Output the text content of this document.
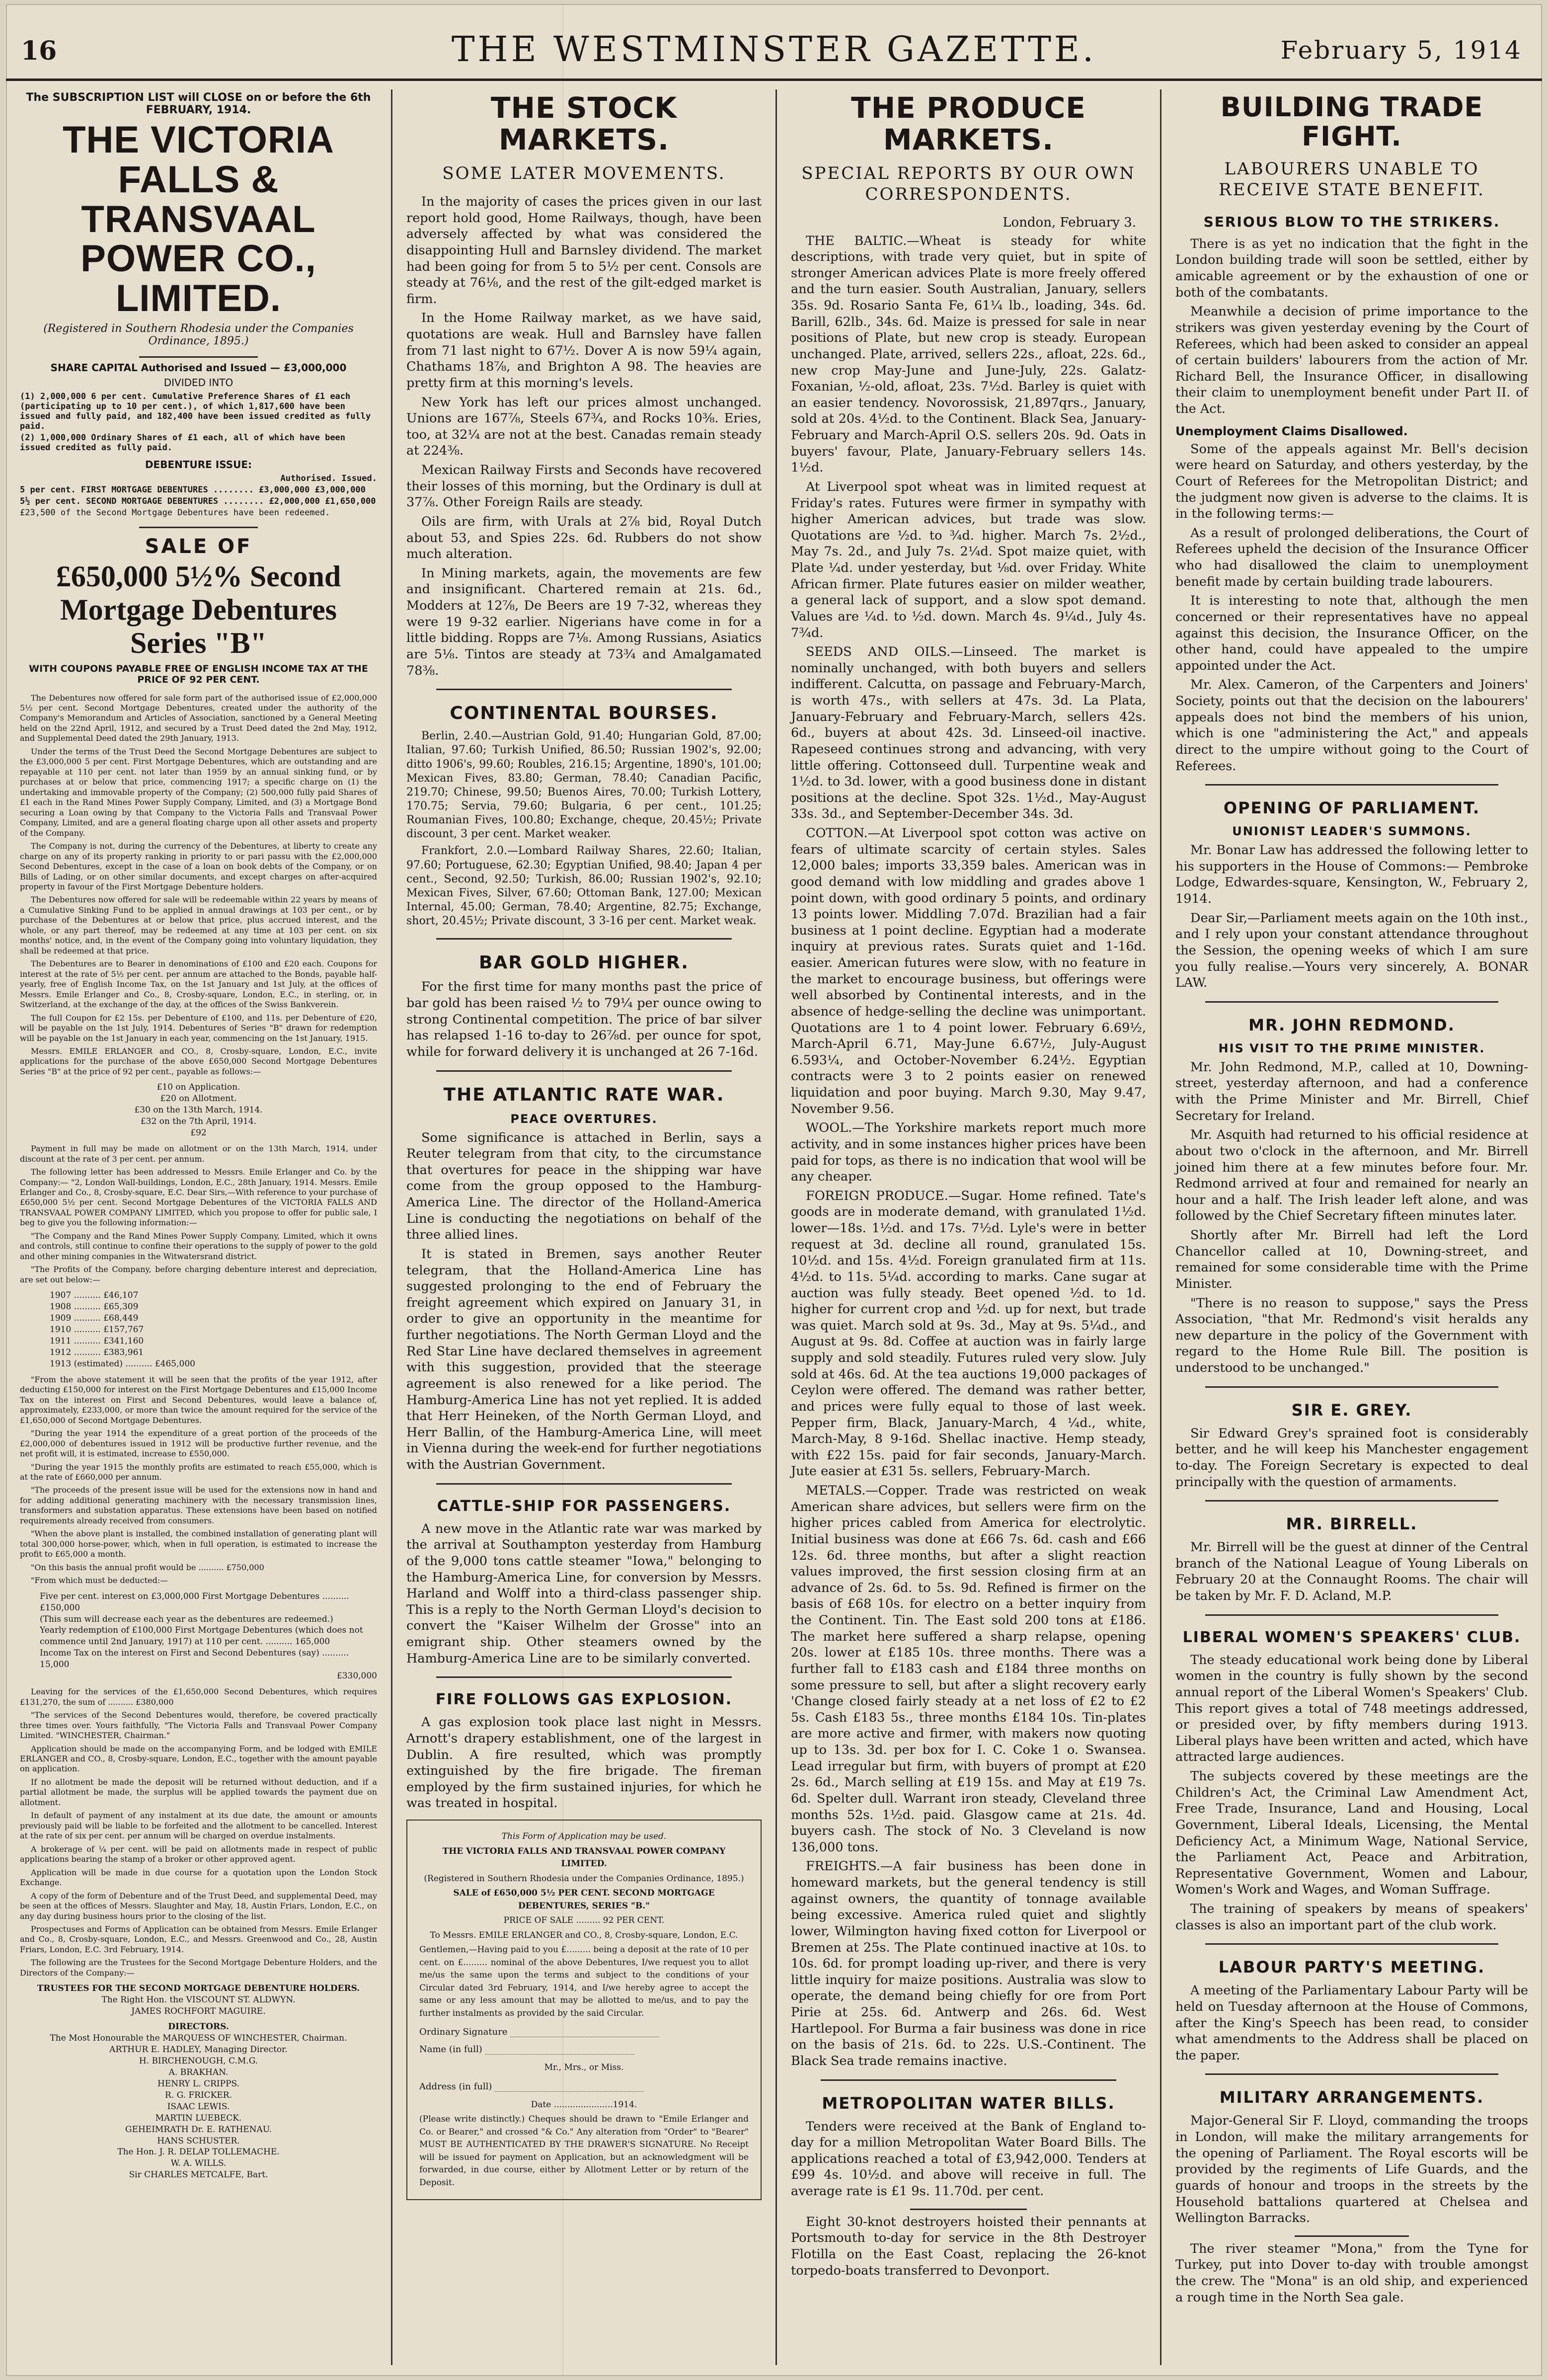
16	THE WESTMINSTER GAZETTE.	February 5, 1914
The SUBSCRIPTION LIST will CLOSE on or before the 6th FEBRUARY, 1914.
THE VICTORIA FALLS & TRANSVAAL POWER CO., LIMITED.
(Registered in Southern Rhodesia under the Companies Ordinance, 1895.)
SHARE CAPITAL Authorised and Issued — £3,000,000
DIVIDED INTO
(1) 2,000,000 6 per cent. Cumulative Preference Shares of £1 each (participating up to 10 per cent.), of which 1,817,600 have been issued and fully paid, and 182,400 have been issued credited as fully paid.
(2) 1,000,000 Ordinary Shares of £1 each, all of which have been issued credited as fully paid.
DEBENTURE ISSUE:
Authorised. Issued.
5 per cent. FIRST MORTGAGE DEBENTURES ........ £3,000,000 £3,000,000
5½ per cent. SECOND MORTGAGE DEBENTURES ........ £2,000,000 £1,650,000
£23,500 of the Second Mortgage Debentures have been redeemed.
SALE OF
£650,000 5½% Second Mortgage Debentures Series "B"
WITH COUPONS PAYABLE FREE OF ENGLISH INCOME TAX AT THE PRICE OF 92 PER CENT.

The Debentures now offered for sale form part of the authorised issue of £2,000,000 5½ per cent. Second Mortgage Debentures, created under the authority of the Company's Memorandum and Articles of Association, sanctioned by a General Meeting held on the 22nd April, 1912, and secured by a Trust Deed dated the 2nd May, 1912, and Supplemental Deed dated the 29th January, 1913.

Under the terms of the Trust Deed the Second Mortgage Debentures are subject to the £3,000,000 5 per cent. First Mortgage Debentures, which are outstanding and are repayable at 110 per cent. not later than 1959 by an annual sinking fund, or by purchases at or below that price, commencing 1917; a specific charge on (1) the undertaking and immovable property of the Company; (2) 500,000 fully paid Shares of £1 each in the Rand Mines Power Supply Company, Limited, and (3) a Mortgage Bond securing a Loan owing by that Company to the Victoria Falls and Transvaal Power Company, Limited, and are a general floating charge upon all other assets and property of the Company.

The Company is not, during the currency of the Debentures, at liberty to create any charge on any of its property ranking in priority to or pari passu with the £2,000,000 Second Debentures, except in the case of a loan on book debts of the Company, or on Bills of Lading, or on other similar documents, and except charges on after-acquired property in favour of the First Mortgage Debenture holders.

The Debentures now offered for sale will be redeemable within 22 years by means of a Cumulative Sinking Fund to be applied in annual drawings at 103 per cent., or by purchase of the Debentures at or below that price, plus accrued interest, and the whole, or any part thereof, may be redeemed at any time at 103 per cent. on six months' notice, and, in the event of the Company going into voluntary liquidation, they shall be redeemed at that price.

The Debentures are to Bearer in denominations of £100 and £20 each. Coupons for interest at the rate of 5½ per cent. per annum are attached to the Bonds, payable half-yearly, free of English Income Tax, on the 1st January and 1st July, at the offices of Messrs. Emile Erlanger and Co., 8, Crosby-square, London, E.C., in sterling, or, in Switzerland, at the exchange of the day, at the offices of the Swiss Bankverein.

The full Coupon for £2 15s. per Debenture of £100, and 11s. per Debenture of £20, will be payable on the 1st July, 1914. Debentures of Series "B" drawn for redemption will be payable on the 1st January in each year, commencing on the 1st January, 1915.

Messrs. EMILE ERLANGER and CO., 8, Crosby-square, London, E.C., invite applications for the purchase of the above £650,000 Second Mortgage Debentures Series "B" at the price of 92 per cent., payable as follows:—

£10 on Application.
£20 on Allotment.
£30 on the 13th March, 1914.
£32 on the 7th April, 1914.
£92

Payment in full may be made on allotment or on the 13th March, 1914, under discount at the rate of 3 per cent. per annum.

The following letter has been addressed to Messrs. Emile Erlanger and Co. by the Company:— "2, London Wall-buildings, London, E.C., 28th January, 1914. Messrs. Emile Erlanger and Co., 8, Crosby-square, E.C. Dear Sirs,—With reference to your purchase of £650,000 5½ per cent. Second Mortgage Debentures of the VICTORIA FALLS AND TRANSVAAL POWER COMPANY LIMITED, which you propose to offer for public sale, I beg to give you the following information:—

"The Company and the Rand Mines Power Supply Company, Limited, which it owns and controls, still continue to confine their operations to the supply of power to the gold and other mining companies in the Witwatersrand district.

"The Profits of the Company, before charging debenture interest and depreciation, are set out below:—

1907 .......... £46,107
1908 .......... £65,309
1909 .......... £68,449
1910 .......... £157,767
1911 .......... £341,160
1912 .......... £383,961
1913 (estimated) .......... £465,000

"From the above statement it will be seen that the profits of the year 1912, after deducting £150,000 for interest on the First Mortgage Debentures and £15,000 Income Tax on the interest on First and Second Debentures, would leave a balance of, approximately, £233,000, or more than twice the amount required for the service of the £1,650,000 of Second Mortgage Debentures.

"During the year 1914 the expenditure of a great portion of the proceeds of the £2,000,000 of debentures issued in 1912 will be productive further revenue, and the net profit will, it is estimated, increase to £550,000.

"During the year 1915 the monthly profits are estimated to reach £55,000, which is at the rate of £660,000 per annum.

"The proceeds of the present issue will be used for the extensions now in hand and for adding additional generating machinery with the necessary transmission lines, transformers and substation apparatus. These extensions have been based on notified requirements already received from consumers.

"When the above plant is installed, the combined installation of generating plant will total 300,000 horse-power, which, when in full operation, is estimated to increase the profit to £65,000 a month.

"On this basis the annual profit would be .......... £750,000

"From which must be deducted:—

Five per cent. interest on £3,000,000 First Mortgage Debentures .......... £150,000
(This sum will decrease each year as the debentures are redeemed.)
Yearly redemption of £100,000 First Mortgage Debentures (which does not commence until 2nd January, 1917) at 110 per cent. .......... 165,000
Income Tax on the interest on First and Second Debentures (say) .......... 15,000
£330,000

Leaving for the services of the £1,650,000 Second Debentures, which requires £131,270, the sum of .......... £380,000

"The services of the Second Debentures would, therefore, be covered practically three times over. Yours faithfully, "The Victoria Falls and Transvaal Power Company Limited. "WINCHESTER, Chairman."

Application should be made on the accompanying Form, and be lodged with EMILE ERLANGER and CO., 8, Crosby-square, London, E.C., together with the amount payable on application.

If no allotment be made the deposit will be returned without deduction, and if a partial allotment be made, the surplus will be applied towards the payment due on allotment.

In default of payment of any instalment at its due date, the amount or amounts previously paid will be liable to be forfeited and the allotment to be cancelled. Interest at the rate of six per cent. per annum will be charged on overdue instalments.

A brokerage of ¼ per cent. will be paid on allotments made in respect of public applications bearing the stamp of a broker or other approved agent.

Application will be made in due course for a quotation upon the London Stock Exchange.

A copy of the form of Debenture and of the Trust Deed, and supplemental Deed, may be seen at the offices of Messrs. Slaughter and May, 18, Austin Friars, London, E.C., on any day during business hours prior to the closing of the list.

Prospectuses and Forms of Application can be obtained from Messrs. Emile Erlanger and Co., 8, Crosby-square, London, E.C., and Messrs. Greenwood and Co., 28, Austin Friars, London, E.C. 3rd February, 1914.

The following are the Trustees for the Second Mortgage Debenture Holders, and the Directors of the Company:—

TRUSTEES FOR THE SECOND MORTGAGE DEBENTURE HOLDERS.
The Right Hon. the VISCOUNT ST. ALDWYN.
JAMES ROCHFORT MAGUIRE.
DIRECTORS.
The Most Honourable the MARQUESS OF WINCHESTER, Chairman.
ARTHUR E. HADLEY, Managing Director.
H. BIRCHENOUGH, C.M.G.
A. BRAKHAN.
HENRY L. CRIPPS.
R. G. FRICKER.
ISAAC LEWIS.
MARTIN LUEBECK.
GEHEIMRATH Dr. E. RATHENAU.
HANS SCHUSTER.
The Hon. J. R. DELAP TOLLEMACHE.
W. A. WILLS.
Sir CHARLES METCALFE, Bart.
THE STOCK MARKETS.
SOME LATER MOVEMENTS.

In the majority of cases the prices given in our last report hold good, Home Railways, though, have been adversely affected by what was considered the disappointing Hull and Barnsley dividend. The market had been going for from 5 to 5½ per cent. Consols are steady at 76⅛, and the rest of the gilt-edged market is firm.

In the Home Railway market, as we have said, quotations are weak. Hull and Barnsley have fallen from 71 last night to 67½. Dover A is now 59¼ again, Chathams 18⅞, and Brighton A 98. The heavies are pretty firm at this morning's levels.

New York has left our prices almost unchanged. Unions are 167⅞, Steels 67¾, and Rocks 10⅜. Eries, too, at 32¼ are not at the best. Canadas remain steady at 224⅜.

Mexican Railway Firsts and Seconds have recovered their losses of this morning, but the Ordinary is dull at 37⅞. Other Foreign Rails are steady.

Oils are firm, with Urals at 2⅞ bid, Royal Dutch about 53, and Spies 22s. 6d. Rubbers do not show much alteration.

In Mining markets, again, the movements are few and insignificant. Chartered remain at 21s. 6d., Modders at 12⅞, De Beers are 19 7-32, whereas they were 19 9-32 earlier. Nigerians have come in for a little bidding. Ropps are 7⅛. Among Russians, Asiatics are 5⅛. Tintos are steady at 73¾ and Amalgamated 78⅜.

CONTINENTAL BOURSES.

Berlin, 2.40.—Austrian Gold, 91.40; Hungarian Gold, 87.00; Italian, 97.60; Turkish Unified, 86.50; Russian 1902's, 92.00; ditto 1906's, 99.60; Roubles, 216.15; Argentine, 1890's, 101.00; Mexican Fives, 83.80; German, 78.40; Canadian Pacific, 219.70; Chinese, 99.50; Buenos Aires, 70.00; Turkish Lottery, 170.75; Servia, 79.60; Bulgaria, 6 per cent., 101.25; Roumanian Fives, 100.80; Exchange, cheque, 20.45½; Private discount, 3 per cent. Market weaker.

Frankfort, 2.0.—Lombard Railway Shares, 22.60; Italian, 97.60; Portuguese, 62.30; Egyptian Unified, 98.40; Japan 4 per cent., Second, 92.50; Turkish, 86.00; Russian 1902's, 92.10; Mexican Fives, Silver, 67.60; Ottoman Bank, 127.00; Mexican Internal, 45.00; German, 78.40; Argentine, 82.75; Exchange, short, 20.45½; Private discount, 3 3-16 per cent. Market weak.

BAR GOLD HIGHER.

For the first time for many months past the price of bar gold has been raised ½ to 79¼ per ounce owing to strong Continental competition. The price of bar silver has relapsed 1-16 to-day to 26⅞d. per ounce for spot, while for forward delivery it is unchanged at 26 7-16d.

THE ATLANTIC RATE WAR.
PEACE OVERTURES.

Some significance is attached in Berlin, says a Reuter telegram from that city, to the circumstance that overtures for peace in the shipping war have come from the group opposed to the Hamburg-America Line. The director of the Holland-America Line is conducting the negotiations on behalf of the three allied lines.

It is stated in Bremen, says another Reuter telegram, that the Holland-America Line has suggested prolonging to the end of February the freight agreement which expired on January 31, in order to give an opportunity in the meantime for further negotiations. The North German Lloyd and the Red Star Line have declared themselves in agreement with this suggestion, provided that the steerage agreement is also renewed for a like period. The Hamburg-America Line has not yet replied. It is added that Herr Heineken, of the North German Lloyd, and Herr Ballin, of the Hamburg-America Line, will meet in Vienna during the week-end for further negotiations with the Austrian Government.

CATTLE-SHIP FOR PASSENGERS.

A new move in the Atlantic rate war was marked by the arrival at Southampton yesterday from Hamburg of the 9,000 tons cattle steamer "Iowa," belonging to the Hamburg-America Line, for conversion by Messrs. Harland and Wolff into a third-class passenger ship. This is a reply to the North German Lloyd's decision to convert the "Kaiser Wilhelm der Grosse" into an emigrant ship. Other steamers owned by the Hamburg-America Line are to be similarly converted.

FIRE FOLLOWS GAS EXPLOSION.

A gas explosion took place last night in Messrs. Arnott's drapery establishment, one of the largest in Dublin. A fire resulted, which was promptly extinguished by the fire brigade. The fireman employed by the firm sustained injuries, for which he was treated in hospital.

This Form of Application may be used.
THE VICTORIA FALLS AND TRANSVAAL POWER COMPANY LIMITED.
(Registered in Southern Rhodesia under the Companies Ordinance, 1895.)
SALE of £650,000 5½ PER CENT. SECOND MORTGAGE DEBENTURES, SERIES "B."
PRICE OF SALE ......... 92 PER CENT.
To Messrs. EMILE ERLANGER and CO., 8, Crosby-square, London, E.C.
Gentlemen,—Having paid to you £......... being a deposit at the rate of 10 per cent. on £......... nominal of the above Debentures, I/we request you to allot me/us the same upon the terms and subject to the conditions of your Circular dated 3rd February, 1914, and I/we hereby agree to accept the same or any less amount that may be allotted to me/us, and to pay the further instalments as provided by the said Circular.
Ordinary Signature
Name (in full)
Mr., Mrs., or Miss.
Address (in full)
Date ......................1914.
(Please write distinctly.) Cheques should be drawn to "Emile Erlanger and Co. or Bearer," and crossed "& Co." Any alteration from "Order" to "Bearer" MUST BE AUTHENTICATED BY THE DRAWER'S SIGNATURE. No Receipt will be issued for payment on Application, but an acknowledgment will be forwarded, in due course, either by Allotment Letter or by return of the Deposit.
THE PRODUCE MARKETS.
SPECIAL REPORTS BY OUR OWN CORRESPONDENTS.
London, February 3.

THE BALTIC.—Wheat is steady for white descriptions, with trade very quiet, but in spite of stronger American advices Plate is more freely offered and the turn easier. South Australian, January, sellers 35s. 9d. Rosario Santa Fe, 61¼ lb., loading, 34s. 6d. Barill, 62lb., 34s. 6d. Maize is pressed for sale in near positions of Plate, but new crop is steady. European unchanged. Plate, arrived, sellers 22s., afloat, 22s. 6d., new crop May-June and June-July, 22s. Galatz-Foxanian, ½-old, afloat, 23s. 7½d. Barley is quiet with an easier tendency. Novorossisk, 21,897qrs., January, sold at 20s. 4½d. to the Continent. Black Sea, January-February and March-April O.S. sellers 20s. 9d. Oats in buyers' favour, Plate, January-February sellers 14s. 1½d.

At Liverpool spot wheat was in limited request at Friday's rates. Futures were firmer in sympathy with higher American advices, but trade was slow. Quotations are ½d. to ¾d. higher. March 7s. 2½d., May 7s. 2d., and July 7s. 2¼d. Spot maize quiet, with Plate ¼d. under yesterday, but ⅛d. over Friday. White African firmer. Plate futures easier on milder weather, a general lack of support, and a slow spot demand. Values are ¼d. to ½d. down. March 4s. 9¼d., July 4s. 7¾d.

SEEDS AND OILS.—Linseed. The market is nominally unchanged, with both buyers and sellers indifferent. Calcutta, on passage and February-March, is worth 47s., with sellers at 47s. 3d. La Plata, January-February and February-March, sellers 42s. 6d., buyers at about 42s. 3d. Linseed-oil inactive. Rapeseed continues strong and advancing, with very little offering. Cottonseed dull. Turpentine weak and 1½d. to 3d. lower, with a good business done in distant positions at the decline. Spot 32s. 1½d., May-August 33s. 3d., and September-December 34s. 3d.

COTTON.—At Liverpool spot cotton was active on fears of ultimate scarcity of certain styles. Sales 12,000 bales; imports 33,359 bales. American was in good demand with low middling and grades above 1 point down, with good ordinary 5 points, and ordinary 13 points lower. Middling 7.07d. Brazilian had a fair business at 1 point decline. Egyptian had a moderate inquiry at previous rates. Surats quiet and 1-16d. easier. American futures were slow, with no feature in the market to encourage business, but offerings were well absorbed by Continental interests, and in the absence of hedge-selling the decline was unimportant. Quotations are 1 to 4 point lower. February 6.69½, March-April 6.71, May-June 6.67½, July-August 6.593¼, and October-November 6.24½. Egyptian contracts were 3 to 2 points easier on renewed liquidation and poor buying. March 9.30, May 9.47, November 9.56.

WOOL.—The Yorkshire markets report much more activity, and in some instances higher prices have been paid for tops, as there is no indication that wool will be any cheaper.

FOREIGN PRODUCE.—Sugar. Home refined. Tate's goods are in moderate demand, with granulated 1½d. lower—18s. 1½d. and 17s. 7½d. Lyle's were in better request at 3d. decline all round, granulated 15s. 10½d. and 15s. 4½d. Foreign granulated firm at 11s. 4½d. to 11s. 5¼d. according to marks. Cane sugar at auction was fully steady. Beet opened ½d. to 1d. higher for current crop and ½d. up for next, but trade was quiet. March sold at 9s. 3d., May at 9s. 5¼d., and August at 9s. 8d. Coffee at auction was in fairly large supply and sold steadily. Futures ruled very slow. July sold at 46s. 6d. At the tea auctions 19,000 packages of Ceylon were offered. The demand was rather better, and prices were fully equal to those of last week. Pepper firm, Black, January-March, 4 ¼d., white, March-May, 8 9-16d. Shellac inactive. Hemp steady, with £22 15s. paid for fair seconds, January-March. Jute easier at £31 5s. sellers, February-March.

METALS.—Copper. Trade was restricted on weak American share advices, but sellers were firm on the higher prices cabled from America for electrolytic. Initial business was done at £66 7s. 6d. cash and £66 12s. 6d. three months, but after a slight reaction values improved, the first session closing firm at an advance of 2s. 6d. to 5s. 9d. Refined is firmer on the basis of £68 10s. for electro on a better inquiry from the Continent. Tin. The East sold 200 tons at £186. The market here suffered a sharp relapse, opening 20s. lower at £185 10s. three months. There was a further fall to £183 cash and £184 three months on some pressure to sell, but after a slight recovery early 'Change closed fairly steady at a net loss of £2 to £2 5s. Cash £183 5s., three months £184 10s. Tin-plates are more active and firmer, with makers now quoting up to 13s. 3d. per box for I. C. Coke 1 o. Swansea. Lead irregular but firm, with buyers of prompt at £20 2s. 6d., March selling at £19 15s. and May at £19 7s. 6d. Spelter dull. Warrant iron steady, Cleveland three months 52s. 1½d. paid. Glasgow came at 21s. 4d. buyers cash. The stock of No. 3 Cleveland is now 136,000 tons.

FREIGHTS.—A fair business has been done in homeward markets, but the general tendency is still against owners, the quantity of tonnage available being excessive. America ruled quiet and slightly lower, Wilmington having fixed cotton for Liverpool or Bremen at 25s. The Plate continued inactive at 10s. to 10s. 6d. for prompt loading up-river, and there is very little inquiry for maize positions. Australia was slow to operate, the demand being chiefly for ore from Port Pirie at 25s. 6d. Antwerp and 26s. 6d. West Hartlepool. For Burma a fair business was done in rice on the basis of 21s. 6d. to 22s. U.S.-Continent. The Black Sea trade remains inactive.

METROPOLITAN WATER BILLS.

Tenders were received at the Bank of England to-day for a million Metropolitan Water Board Bills. The applications reached a total of £3,942,000. Tenders at £99 4s. 10½d. and above will receive in full. The average rate is £1 9s. 11.70d. per cent.

Eight 30-knot destroyers hoisted their pennants at Portsmouth to-day for service in the 8th Destroyer Flotilla on the East Coast, replacing the 26-knot torpedo-boats transferred to Devonport.

BUILDING TRADE FIGHT.
LABOURERS UNABLE TO RECEIVE STATE BENEFIT.
SERIOUS BLOW TO THE STRIKERS.

There is as yet no indication that the fight in the London building trade will soon be settled, either by amicable agreement or by the exhaustion of one or both of the combatants.

Meanwhile a decision of prime importance to the strikers was given yesterday evening by the Court of Referees, which had been asked to consider an appeal of certain builders' labourers from the action of Mr. Richard Bell, the Insurance Officer, in disallowing their claim to unemployment benefit under Part II. of the Act.

Unemployment Claims Disallowed.

Some of the appeals against Mr. Bell's decision were heard on Saturday, and others yesterday, by the Court of Referees for the Metropolitan District; and the judgment now given is adverse to the claims. It is in the following terms:—

As a result of prolonged deliberations, the Court of Referees upheld the decision of the Insurance Officer who had disallowed the claim to unemployment benefit made by certain building trade labourers.

It is interesting to note that, although the men concerned or their representatives have no appeal against this decision, the Insurance Officer, on the other hand, could have appealed to the umpire appointed under the Act.

Mr. Alex. Cameron, of the Carpenters and Joiners' Society, points out that the decision on the labourers' appeals does not bind the members of his union, which is one "administering the Act," and appeals direct to the umpire without going to the Court of Referees.

OPENING OF PARLIAMENT.
UNIONIST LEADER'S SUMMONS.

Mr. Bonar Law has addressed the following letter to his supporters in the House of Commons:— Pembroke Lodge, Edwardes-square, Kensington, W., February 2, 1914.

Dear Sir,—Parliament meets again on the 10th inst., and I rely upon your constant attendance throughout the Session, the opening weeks of which I am sure you fully realise.—Yours very sincerely, A. BONAR LAW.

MR. JOHN REDMOND.
HIS VISIT TO THE PRIME MINISTER.

Mr. John Redmond, M.P., called at 10, Downing-street, yesterday afternoon, and had a conference with the Prime Minister and Mr. Birrell, Chief Secretary for Ireland.

Mr. Asquith had returned to his official residence at about two o'clock in the afternoon, and Mr. Birrell joined him there at a few minutes before four. Mr. Redmond arrived at four and remained for nearly an hour and a half. The Irish leader left alone, and was followed by the Chief Secretary fifteen minutes later.

Shortly after Mr. Birrell had left the Lord Chancellor called at 10, Downing-street, and remained for some considerable time with the Prime Minister.

"There is no reason to suppose," says the Press Association, "that Mr. Redmond's visit heralds any new departure in the policy of the Government with regard to the Home Rule Bill. The position is understood to be unchanged."

SIR E. GREY.

Sir Edward Grey's sprained foot is considerably better, and he will keep his Manchester engagement to-day. The Foreign Secretary is expected to deal principally with the question of armaments.

MR. BIRRELL.

Mr. Birrell will be the guest at dinner of the Central branch of the National League of Young Liberals on February 20 at the Connaught Rooms. The chair will be taken by Mr. F. D. Acland, M.P.

LIBERAL WOMEN'S SPEAKERS' CLUB.

The steady educational work being done by Liberal women in the country is fully shown by the second annual report of the Liberal Women's Speakers' Club. This report gives a total of 748 meetings addressed, or presided over, by fifty members during 1913. Liberal plays have been written and acted, which have attracted large audiences.

The subjects covered by these meetings are the Children's Act, the Criminal Law Amendment Act, Free Trade, Insurance, Land and Housing, Local Government, Liberal Ideals, Licensing, the Mental Deficiency Act, a Minimum Wage, National Service, the Parliament Act, Peace and Arbitration, Representative Government, Women and Labour, Women's Work and Wages, and Woman Suffrage.

The training of speakers by means of speakers' classes is also an important part of the club work.

LABOUR PARTY'S MEETING.

A meeting of the Parliamentary Labour Party will be held on Tuesday afternoon at the House of Commons, after the King's Speech has been read, to consider what amendments to the Address shall be placed on the paper.

MILITARY ARRANGEMENTS.

Major-General Sir F. Lloyd, commanding the troops in London, will make the military arrangements for the opening of Parliament. The Royal escorts will be provided by the regiments of Life Guards, and the guards of honour and troops in the streets by the Household battalions quartered at Chelsea and Wellington Barracks.

The river steamer "Mona," from the Tyne for Turkey, put into Dover to-day with trouble amongst the crew. The "Mona" is an old ship, and experienced a rough time in the North Sea gale.
